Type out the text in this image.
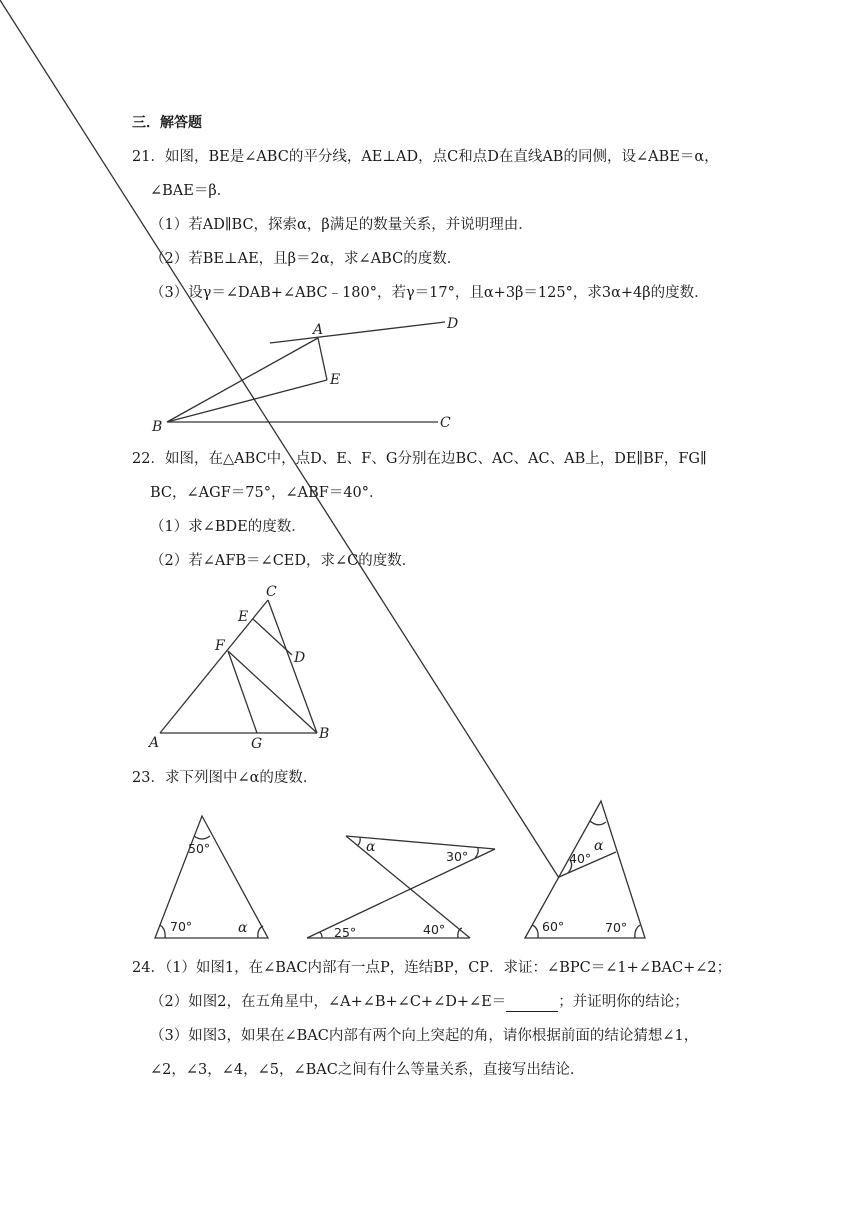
三．解答题
21．如图，BE是∠ABC的平分线，AE⊥AD，点C和点D在直线AB的同侧，设∠ABE＝α，
∠BAE＝β．
（1）若AD∥BC，探索α，β满足的数量关系，并说明理由．
（2）若BE⊥AE，且β＝2α，求∠ABC的度数．
（3）设γ＝∠DAB+∠ABC﹣180°，若γ＝17°，且α+3β＝125°，求3α+4β的度数．
22．如图，在△ABC中，点D、E、F、G分别在边BC、AC、AC、AB上，DE∥BF，FG∥
BC，∠AGF＝75°，∠ABF＝40°．
（1）求∠BDE的度数．
（2）若∠AFB＝∠CED，求∠C的度数．
23．求下列图中∠α的度数．
24．（1）如图1，在∠BAC内部有一点P，连结BP，CP．求证：∠BPC＝∠1+∠BAC+∠2；
（2）如图2，在五角星中，∠A+∠B+∠C+∠D+∠E＝	；并证明你的结论；
（3）如图3，如果在∠BAC内部有两个向上突起的角，请你根据前面的结论猜想∠1，
∠2，∠3，∠4，∠5，∠BAC之间有什么等量关系，直接写出结论．
A	D
E
B	C
C
E
F
D
A	G
B
50°
70°	α
α
30°
25°	40°
α
40°
60°	70°
